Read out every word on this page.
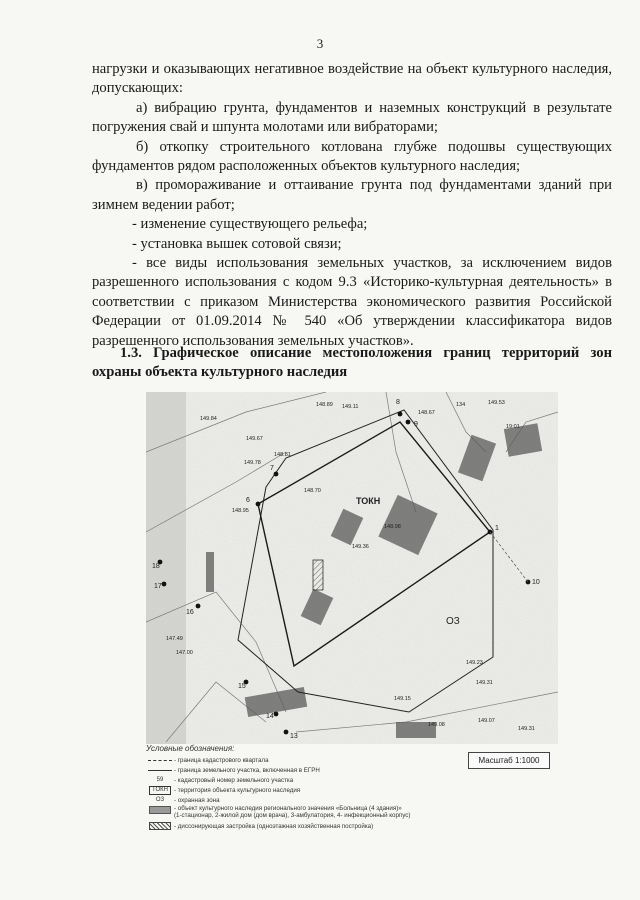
3

нагрузки и оказывающих негативное воздействие на объект культурного наследия, допускающих:

а) вибрацию грунта, фундаментов и наземных конструкций в результате погружения свай и шпунта молотами или вибраторами;

б) откопку строительного котлована глубже подошвы существующих фундаментов рядом расположенных объектов культурного наследия;

в) промораживание и оттаивание грунта под фундаментами зданий при зимнем ведении работ;

- изменение существующего рельефа;

- установка вышек сотовой связи;

- все виды использования земельных участков, за исключением видов разрешенного использования с кодом 9.3 «Историко-культурная деятельность» в соответствии с приказом Министерства экономического развития Российской Федерации от 01.09.2014 № 540 «Об утверждении классификатора видов разрешенного использования земельных участков».

1.3. Графическое описание местоположения границ территорий зон охраны объекта культурного наследия
ТОКН
ОЗ
1
6
7
8
9
10
13
14
15
16
17
18
148.89 149.11
148.67
149.53
148.81
149.78
149.23
149.31
149.15
149.08
149.07
149.31
147.00
147.49
148.98
149.36
148.70
149.67
148.95
149.84
134
19:01
Масштаб 1:1000
Условные обозначения:
- граница кадастрового квартала
- граница земельного участка, включенная в ЕГРН
59	- кадастровый номер земельного участка
ТОКН - территория объекта культурного наследия
ОЗ	- охранная зона
- объект культурного наследия регионального значения «Больница (4 здания)»
(1-стационар, 2-жилой дом (дом врача), 3-амбулатория, 4- инфекционный корпус)
- диссонирующая застройка (одноэтажная хозяйственная постройка)
